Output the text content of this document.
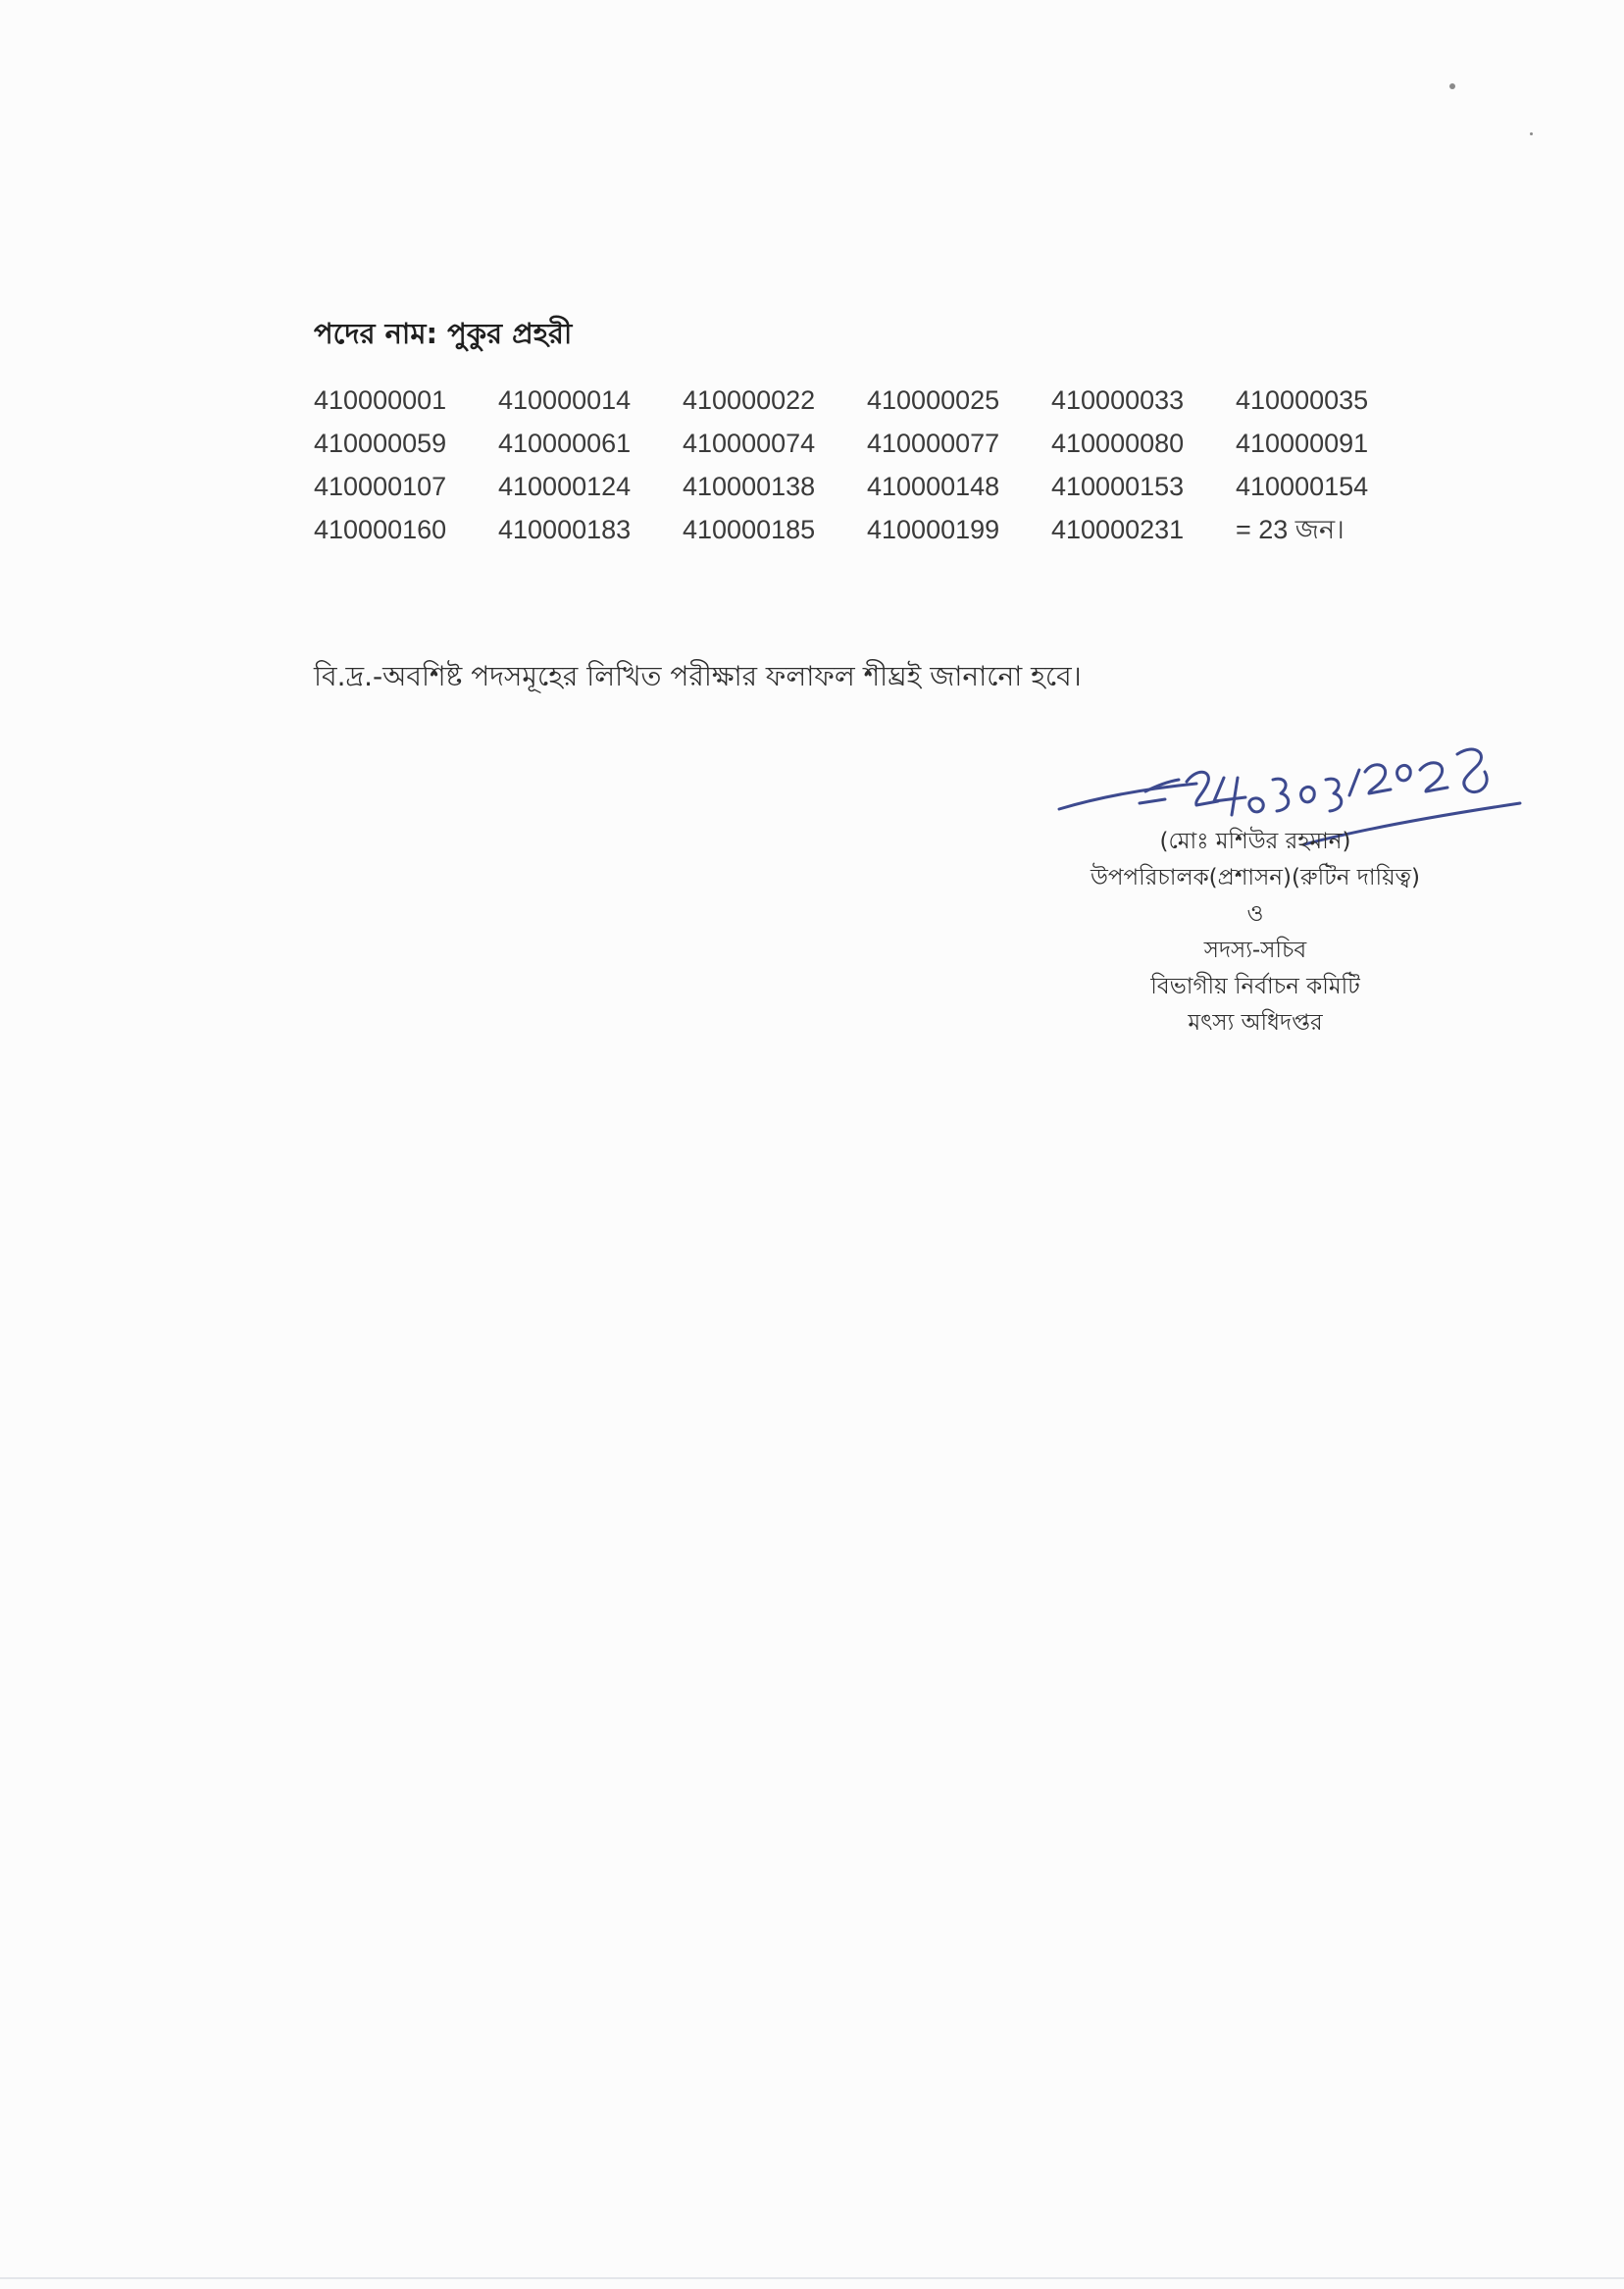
পদের নাম: পুকুর প্রহরী
410000001	410000014	410000022	410000025	410000033	410000035
410000059	410000061	410000074	410000077	410000080	410000091
410000107	410000124	410000138	410000148	410000153	410000154
410000160	410000183	410000185	410000199	410000231	= 23 জন।
বি.দ্র.-অবশিষ্ট পদসমূহের লিখিত পরীক্ষার ফলাফল শীঘ্রই জানানো হবে।
(মোঃ মশিউর রহমান)
উপপরিচালক(প্রশাসন)(রুটিন দায়িত্ব)
ও
সদস্য-সচিব
বিভাগীয় নির্বাচন কমিটি
মৎস্য অধিদপ্তর
